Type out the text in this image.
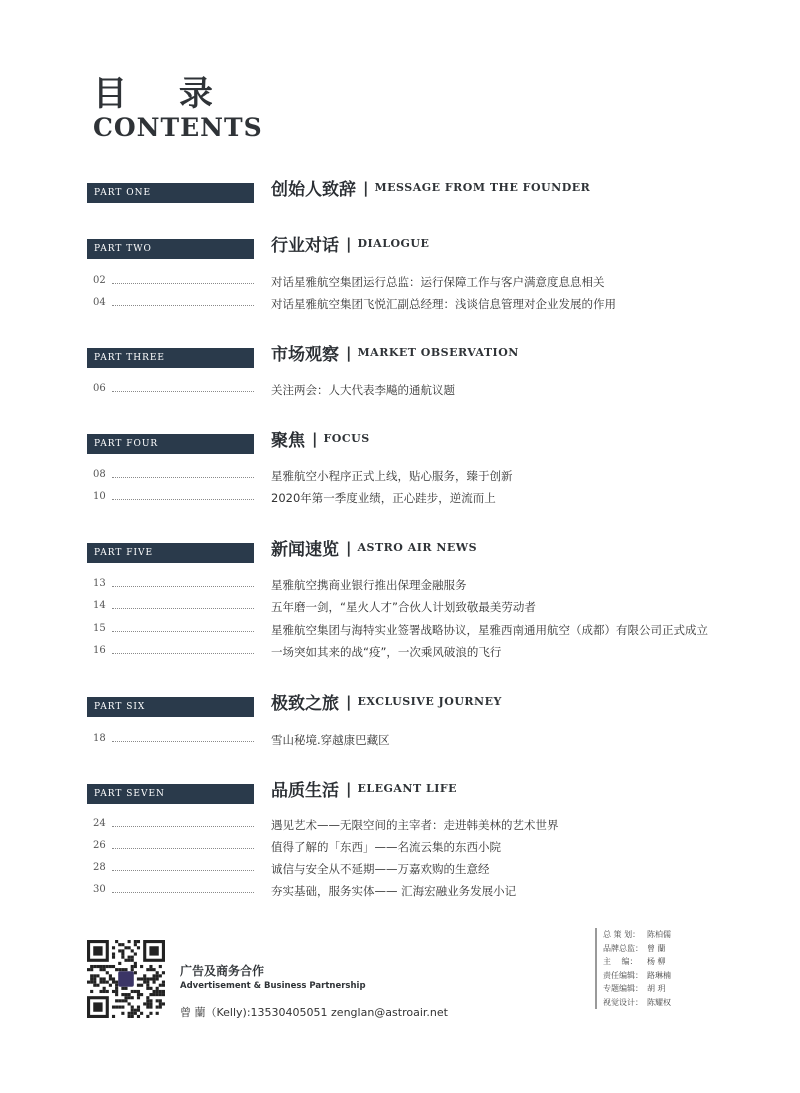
目 录
CONTENTS
PART ONE	创始人致辞 | MESSAGE FROM THE FOUNDER
PART TWO	行业对话 | DIALOGUE
02	对话星雅航空集团运行总监：运行保障工作与客户满意度息息相关
04	对话星雅航空集团飞悦汇副总经理：浅谈信息管理对企业发展的作用
PART THREE	市场观察 | MARKET OBSERVATION
06	关注两会：人大代表李飚的通航议题
PART FOUR	聚焦 | FOCUS
08	星雅航空小程序正式上线，贴心服务，臻于创新
10	2020年第一季度业绩，正心跬步，逆流而上
PART FIVE	新闻速览 | ASTRO AIR NEWS
13	星雅航空携商业银行推出保理金融服务
14	五年磨一剑，“星火人才”合伙人计划致敬最美劳动者
15	星雅航空集团与海特实业签署战略协议，星雅西南通用航空（成都）有限公司正式成立
16	一场突如其来的战“疫”，一次乘风破浪的飞行
PART SIX	极致之旅 | EXCLUSIVE JOURNEY
18	雪山秘境.穿越康巴藏区
PART SEVEN	品质生活 | ELEGANT LIFE
24	遇见艺术——无限空间的主宰者：走进韩美林的艺术世界
26	值得了解的「东西」——名流云集的东西小院
28	诚信与安全从不延期——万嘉欢购的生意经
30	夯实基础，服务实体—— 汇海宏融业务发展小记
广告及商务合作
Advertisement & Business Partnership
曾 蘭（Kelly):13530405051 zenglan@astroair.net
总 策 划： 陈柏儒
品牌总监： 曾 蘭
主　 编： 杨 柳
责任编辑： 路琳楠
专题编辑： 胡 玥
视觉设计： 陈耀权
